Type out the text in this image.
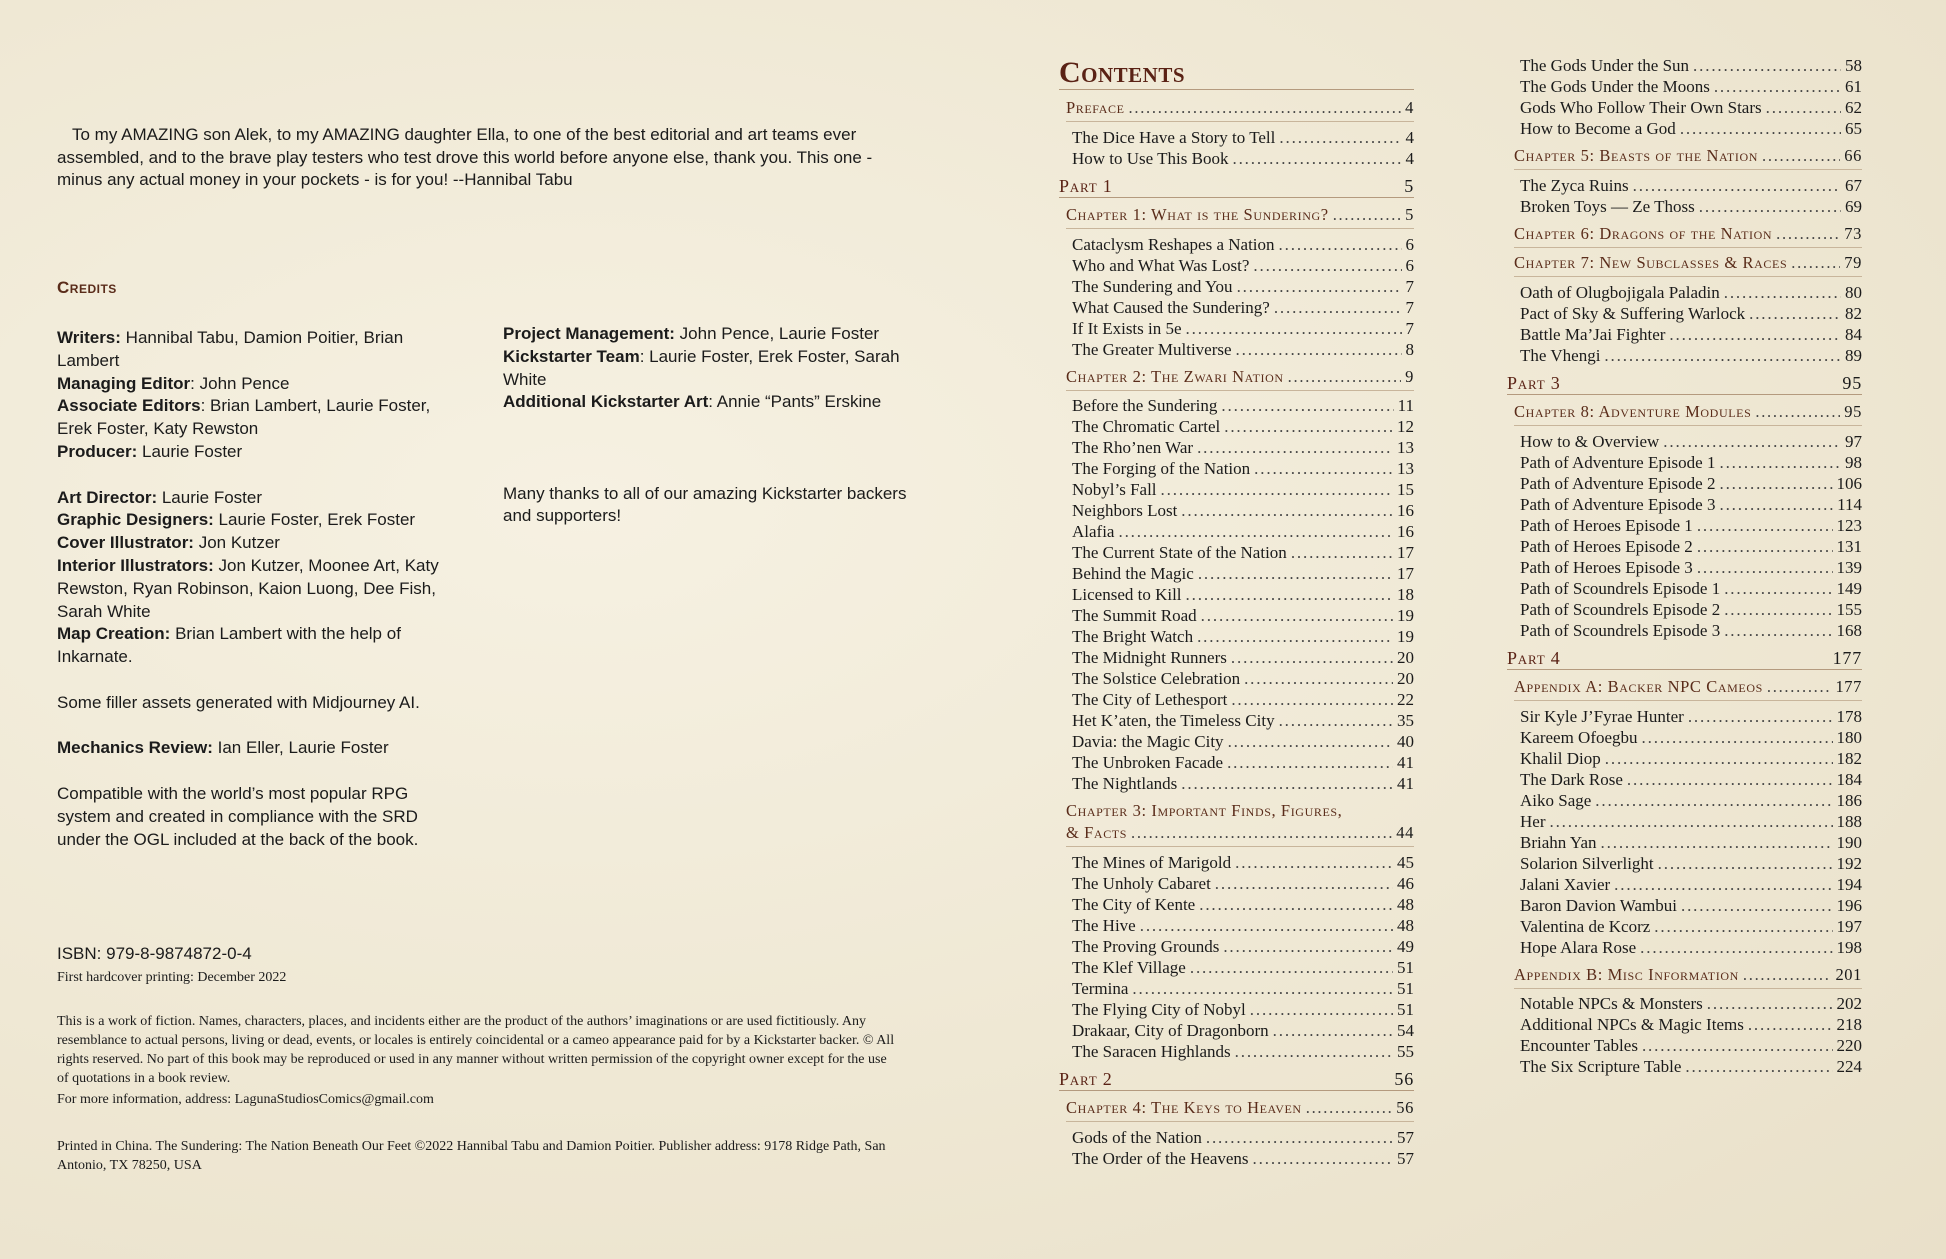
To my AMAZING son Alek, to my AMAZING daughter Ella, to one of the best editorial and art teams ever assembled, and to the brave play testers who test drove this world before anyone else, thank you. This one - minus any actual money in your pockets - is for you! --Hannibal Tabu

Credits

Writers: Hannibal Tabu, Damion Poitier, Brian Lambert

Managing Editor: John Pence

Associate Editors: Brian Lambert, Laurie Foster, Erek Foster, Katy Rewston

Producer: Laurie Foster

Art Director: Laurie Foster

Graphic Designers: Laurie Foster, Erek Foster

Cover Illustrator: Jon Kutzer

Interior Illustrators: Jon Kutzer, Moonee Art, Katy Rewston, Ryan Robinson, Kaion Luong, Dee Fish, Sarah White

Map Creation: Brian Lambert with the help of Inkarnate.

Some filler assets generated with Midjourney AI.

Mechanics Review: Ian Eller, Laurie Foster

Compatible with the world’s most popular RPG system and created in compliance with the SRD under the OGL included at the back of the book.

Project Management: John Pence, Laurie Foster

Kickstarter Team: Laurie Foster, Erek Foster, Sarah White

Additional Kickstarter Art: Annie “Pants” Erskine

Many thanks to all of our amazing Kickstarter backers and supporters!

ISBN: 979-8-9874872-0-4

First hardcover printing: December 2022

This is a work of fiction. Names, characters, places, and incidents either are the product of the authors’ imaginations or are used fictitiously. Any resemblance to actual persons, living or dead, events, or locales is entirely coincidental or a cameo appearance paid for by a Kickstarter backer. © All rights reserved. No part of this book may be reproduced or used in any manner without written permission of the copyright owner except for the use of quotations in a book review.

For more information, address: LagunaStudiosComics@gmail.com

Printed in China. The Sundering: The Nation Beneath Our Feet ©2022 Hannibal Tabu and Damion Poitier. Publisher address: 9178 Ridge Path, San Antonio, TX 78250, USA

Contents
Preface . . .	4
The Dice Have a Story to Tell . . .	4
How to Use This Book . . .	4
Part 1	5
Chapter 1: What is the Sundering? . . .	5
Cataclysm Reshapes a Nation . . .	6
Who and What Was Lost? . . .	6
The Sundering and You . . .	7
What Caused the Sundering? . . .	7
If It Exists in 5e . . .	7
The Greater Multiverse . . .	8
Chapter 2: The Zwari Nation . . .	9
Before the Sundering . . .	11
The Chromatic Cartel . . .	12
The Rho’nen War . . .	13
The Forging of the Nation . . .	13
Nobyl’s Fall . . .	15
Neighbors Lost . . .	16
Alafia . . .	16
The Current State of the Nation . . .	17
Behind the Magic . . .	17
Licensed to Kill . . .	18
The Summit Road . . .	19
The Bright Watch . . .	19
The Midnight Runners . . .	20
The Solstice Celebration . . .	20
The City of Lethesport . . .	22
Het K’aten, the Timeless City . . .	35
Davia: the Magic City . . .	40
The Unbroken Facade . . .	41
The Nightlands . . .	41
Chapter 3: Important Finds, Figures,
& Facts . . .	44
The Mines of Marigold . . .	45
The Unholy Cabaret . . .	46
The City of Kente . . .	48
The Hive . . .	48
The Proving Grounds . . .	49
The Klef Village . . .	51
Termina . . .	51
The Flying City of Nobyl . . .	51
Drakaar, City of Dragonborn . . .	54
The Saracen Highlands . . .	55
Part 2	56
Chapter 4: The Keys to Heaven . . .	56
Gods of the Nation . . .	57
The Order of the Heavens . . .	57
The Gods Under the Sun . . .	58
The Gods Under the Moons . . .	61
Gods Who Follow Their Own Stars . . .	62
How to Become a God . . .	65
Chapter 5: Beasts of the Nation . . .	66
The Zyca Ruins . . .	67
Broken Toys — Ze Thoss . . .	69
Chapter 6: Dragons of the Nation . . .	73
Chapter 7: New Subclasses & Races . . .	79
Oath of Olugbojigala Paladin . . .	80
Pact of Sky & Suffering Warlock . . .	82
Battle Ma’Jai Fighter . . .	84
The Vhengi . . .	89
Part 3	95
Chapter 8: Adventure Modules . . .	95
How to & Overview . . .	97
Path of Adventure Episode 1 . . .	98
Path of Adventure Episode 2 . . .	106
Path of Adventure Episode 3 . . .	114
Path of Heroes Episode 1 . . .	123
Path of Heroes Episode 2 . . .	131
Path of Heroes Episode 3 . . .	139
Path of Scoundrels Episode 1 . . .	149
Path of Scoundrels Episode 2 . . .	155
Path of Scoundrels Episode 3 . . .	168
Part 4	177
Appendix A: Backer NPC Cameos . . .	177
Sir Kyle J’Fyrae Hunter . . .	178
Kareem Ofoegbu . . .	180
Khalil Diop . . .	182
The Dark Rose . . .	184
Aiko Sage . . .	186
Her . . .	188
Briahn Yan . . .	190
Solarion Silverlight . . .	192
Jalani Xavier . . .	194
Baron Davion Wambui . . .	196
Valentina de Kcorz . . .	197
Hope Alara Rose . . .	198
Appendix B: Misc Information . . .	201
Notable NPCs & Monsters . . .	202
Additional NPCs & Magic Items . . .	218
Encounter Tables . . .	220
The Six Scripture Table . . .	224
